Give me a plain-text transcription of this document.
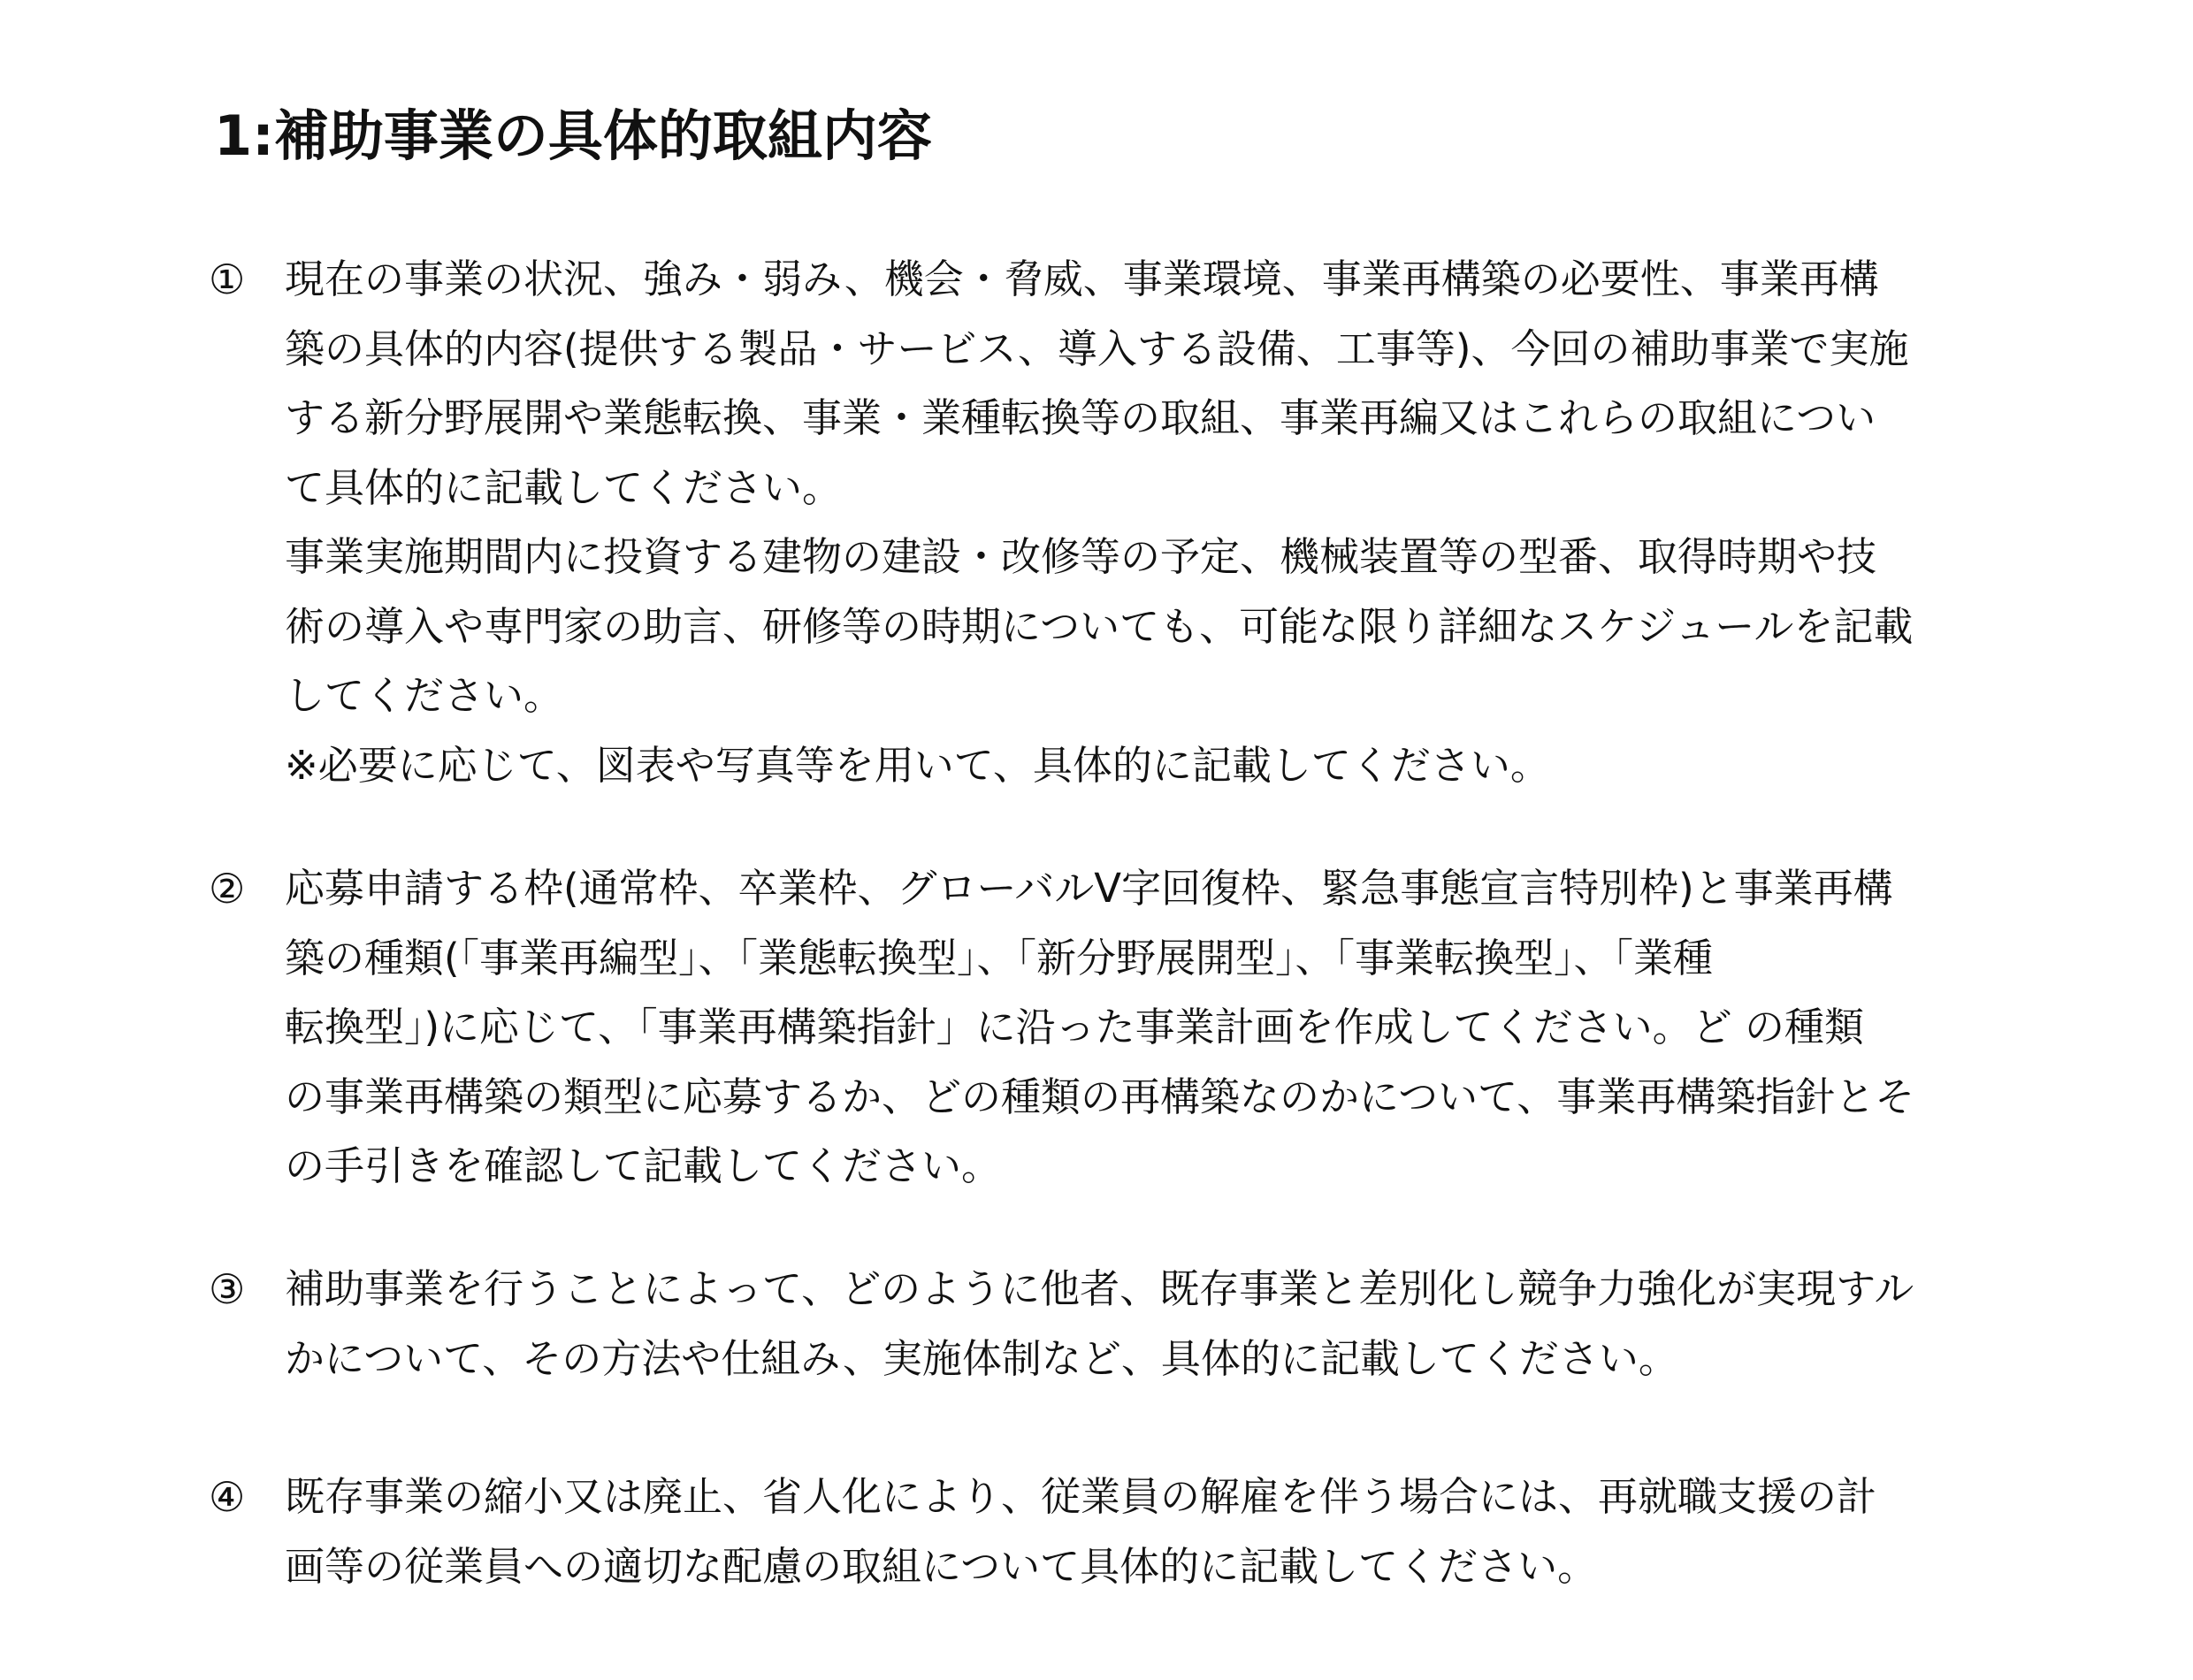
1:補助事業の具体的取組内容
① 現在の事業の状況、強み・弱み、機会・脅威、事業環境、事業再構築の必要性、事業再構
築の具体的内容(提供する製品・サービス、導入する設備、工事等)、今回の補助事業で実施
する新分野展開や業態転換、事業・業種転換等の取組、事業再編又はこれらの取組につい
て具体的に記載してください。

事業実施期間内に投資する建物の建設・改修等の予定、機械装置等の型番、取得時期や技
術の導入や専門家の助言、研修等の時期についても、可能な限り詳細なスケジュールを記載
してください。

※必要に応じて、図表や写真等を用いて、具体的に記載してください。

② 応募申請する枠(通常枠、卒業枠、グローバルV字回復枠、緊急事態宣言特別枠)と事業再構
築の種類(「事業再編型」、「業態転換型」、「新分野展開型」、「事業転換型」、「業種
転換型」)に応じて、「事業再構築指針」に沿った事業計画を作成してください。ど の種類
の事業再構築の類型に応募するか、どの種類の再構築なのかについて、事業再構築指針とそ
の手引きを確認して記載してください。

③ 補助事業を行うことによって、どのように他者、既存事業と差別化し競争力強化が実現すル
かについて、その方法や仕組み、実施体制など、具体的に記載してください。

④ 既存事業の縮小又は廃止、省人化により、従業員の解雇を伴う場合には、再就職支援の計
画等の従業員への適切な配慮の取組について具体的に記載してください。
